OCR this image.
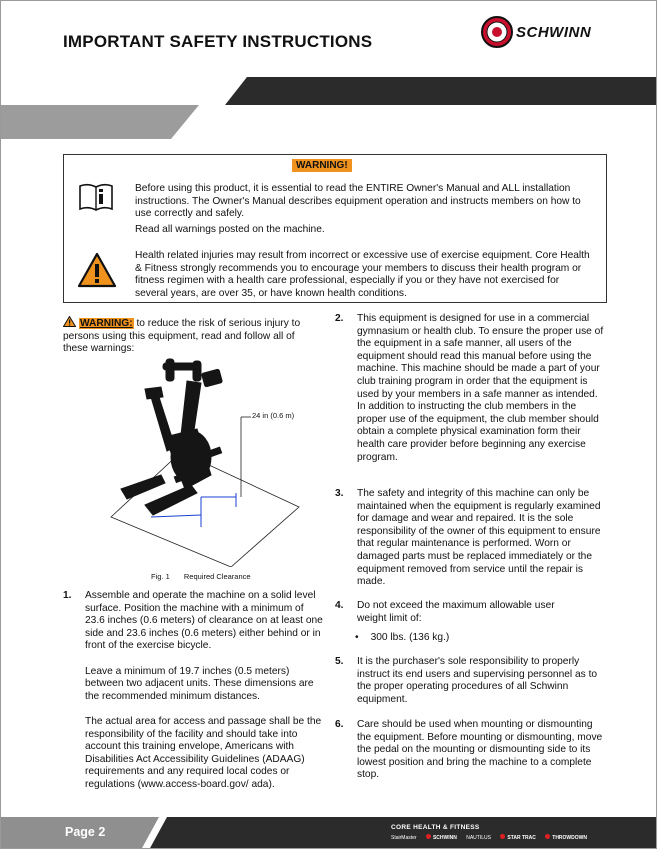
IMPORTANT SAFETY INSTRUCTIONS	SCHWINN
WARNING!
Before using this product, it is essential to read the ENTIRE Owner's Manual and ALL installation instructions. The Owner's Manual describes equipment operation and instructs members on how to use correctly and safely.
Read all warnings posted on the machine.
Health related injuries may result from incorrect or excessive use of exercise equipment. Core Health & Fitness strongly recommends you to encourage your members to discuss their health program or fitness regimen with a health care professional, especially if you or they have not exercised for several years, are over 35, or have known health conditions.
WARNING: to reduce the risk of serious injury to persons using this equipment, read and follow all of these warnings:
24 in (0.6 m)
Fig. 1 Required Clearance
1. Assemble and operate the machine on a solid level surface. Position the machine with a minimum of 23.6 inches (0.6 meters) of clearance on at least one side and 23.6 inches (0.6 meters) either behind or in front of the exercise bicycle.

Leave a minimum of 19.7 inches (0.5 meters) between two adjacent units. These dimensions are the recommended minimum distances.

The actual area for access and passage shall be the responsibility of the facility and should take into account this training envelope, Americans with Disabilities Act Accessibility Guidelines (ADAAG) requirements and any required local codes or regulations (www.access-board.gov/ ada).

2. This equipment is designed for use in a commercial gymnasium or health club. To ensure the proper use of the equipment in a safe manner, all users of the equipment should read this manual before using the machine. This machine should be made a part of your club training program in order that the equipment is used by your members in a safe manner as intended. In addition to instructing the club members in the proper use of the equipment, the club member should obtain a complete physical examination form their health care provider before beginning any exercise program.

3. The safety and integrity of this machine can only be maintained when the equipment is regularly examined for damage and wear and repaired. It is the sole responsibility of the owner of this equipment to ensure that regular maintenance is performed. Worn or damaged parts must be replaced immediately or the equipment removed from service until the repair is made.

4. Do not exceed the maximum allowable user weight limit of:

• 300 lbs. (136 kg.)
5. It is the purchaser's sole responsibility to properly instruct its end users and supervising personnel as to the proper operating procedures of all Schwinn equipment.

6. Care should be used when mounting or dismounting the equipment. Before mounting or dismounting, move the pedal on the mounting or dismounting side to its lowest position and bring the machine to a complete stop.

Page 2	CORE HEALTH & FITNESS
StairMaster	SCHWINN NAUTILUS	STAR TRAC	THROWDOWN
